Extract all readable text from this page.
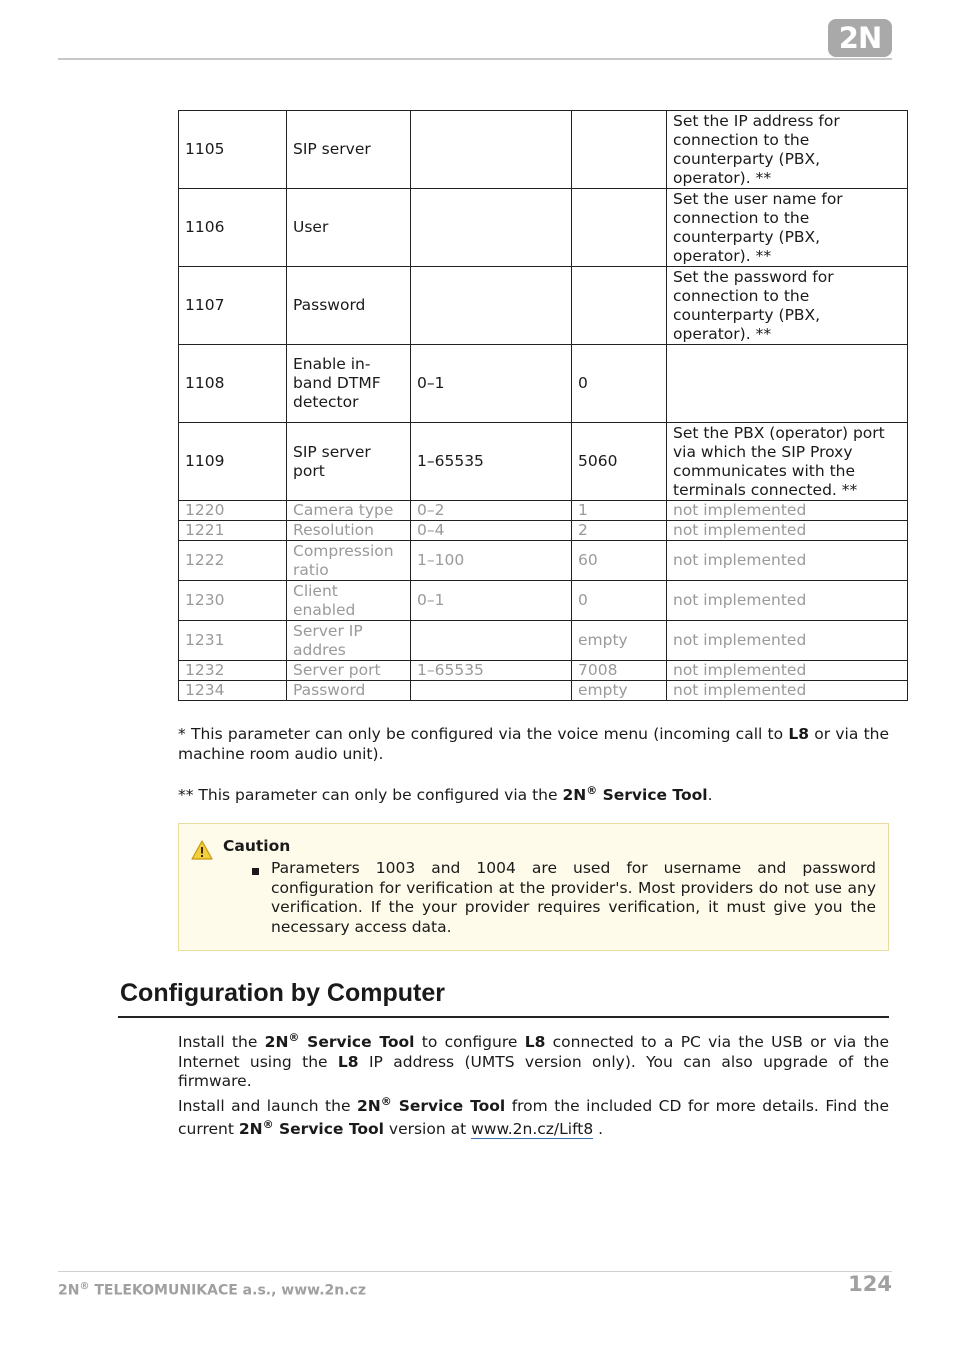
2N
1105	SIP server			Set the IP address for connection to the counterparty (PBX, operator). **
1106	User			Set the user name for connection to the counterparty (PBX, operator). **
1107	Password			Set the password for connection to the counterparty (PBX, operator). **
1108	Enable in-band DTMF detector	0–1	0	
1109	SIP server port	1–65535	5060	Set the PBX (operator) port via which the SIP Proxy communicates with the terminals connected. **
1220	Camera type	0–2	1	not implemented
1221	Resolution	0–4	2	not implemented
1222	Compression ratio	1–100	60	not implemented
1230	Client enabled	0–1	0	not implemented
1231	Server IP addres		empty	not implemented
1232	Server port	1–65535	7008	not implemented
1234	Password		empty	not implemented
* This parameter can only be configured via the voice menu (incoming call to L8 or via the machine room audio unit).
** This parameter can only be configured via the 2N® Service Tool.
Caution
Parameters 1003 and 1004 are used for username and password configuration for verification at the provider's. Most providers do not use any verification. If the your provider requires verification, it must give you the necessary access data.
Configuration by Computer
Install the 2N® Service Tool to configure L8 connected to a PC via the USB or via the Internet using the L8 IP address (UMTS version only). You can also upgrade of the firmware.
Install and launch the 2N® Service Tool from the included CD for more details. Find the current 2N® Service Tool version at www.2n.cz/Lift8 .
2N® TELEKOMUNIKACE a.s., www.2n.cz	124
